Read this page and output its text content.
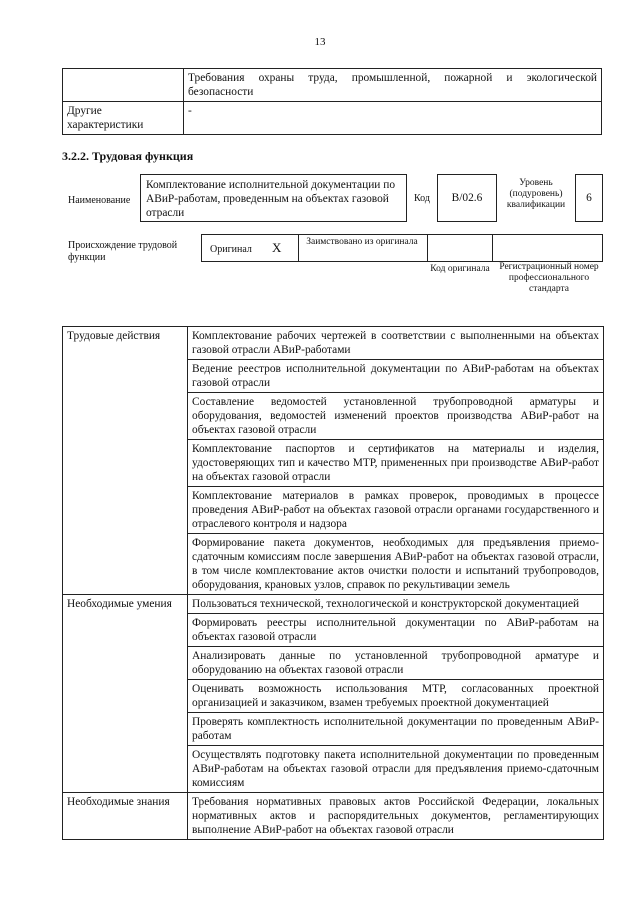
13
	Требования охраны труда, промышленной, пожарной и экологической безопасности
Другие характеристики	-
3.2.2. Трудовая функция
Наименование
Комплектование исполнительной документации по АВиР-работам, проведенным на объектах газовой отрасли
Код	В/02.6
Уровень (подуровень) квалификации
6
Происхождение трудовой функции
Оригинал Х	Заимствовано из оригинала
Код оригинала	Регистрационный номер профессионального стандарта
Трудовые действия	Комплектование рабочих чертежей в соответствии с выполненными на объектах газовой отрасли АВиР-работами
	Ведение реестров исполнительной документации по АВиР-работам на объектах газовой отрасли
	Составление ведомостей установленной трубопроводной арматуры и оборудования, ведомостей изменений проектов производства АВиР-работ на объектах газовой отрасли
	Комплектование паспортов и сертификатов на материалы и изделия, удостоверяющих тип и качество МТР, примененных при производстве АВиР-работ на объектах газовой отрасли
	Комплектование материалов в рамках проверок, проводимых в процессе проведения АВиР-работ на объектах газовой отрасли органами государственного и отраслевого контроля и надзора
	Формирование пакета документов, необходимых для предъявления приемо-сдаточным комиссиям после завершения АВиР-работ на объектах газовой отрасли, в том числе комплектование актов очистки полости и испытаний трубопроводов, оборудования, крановых узлов, справок по рекультивации земель
Необходимые умения	Пользоваться технической, технологической и конструкторской документацией
	Формировать реестры исполнительной документации по АВиР-работам на объектах газовой отрасли
	Анализировать данные по установленной трубопроводной арматуре и оборудованию на объектах газовой отрасли
	Оценивать возможность использования МТР, согласованных проектной организацией и заказчиком, взамен требуемых проектной документацией
	Проверять комплектность исполнительной документации по проведенным АВиР-работам
	Осуществлять подготовку пакета исполнительной документации по проведенным АВиР-работам на объектах газовой отрасли для предъявления приемо-сдаточным комиссиям
Необходимые знания	Требования нормативных правовых актов Российской Федерации, локальных нормативных актов и распорядительных документов, регламентирующих выполнение АВиР-работ на объектах газовой отрасли
